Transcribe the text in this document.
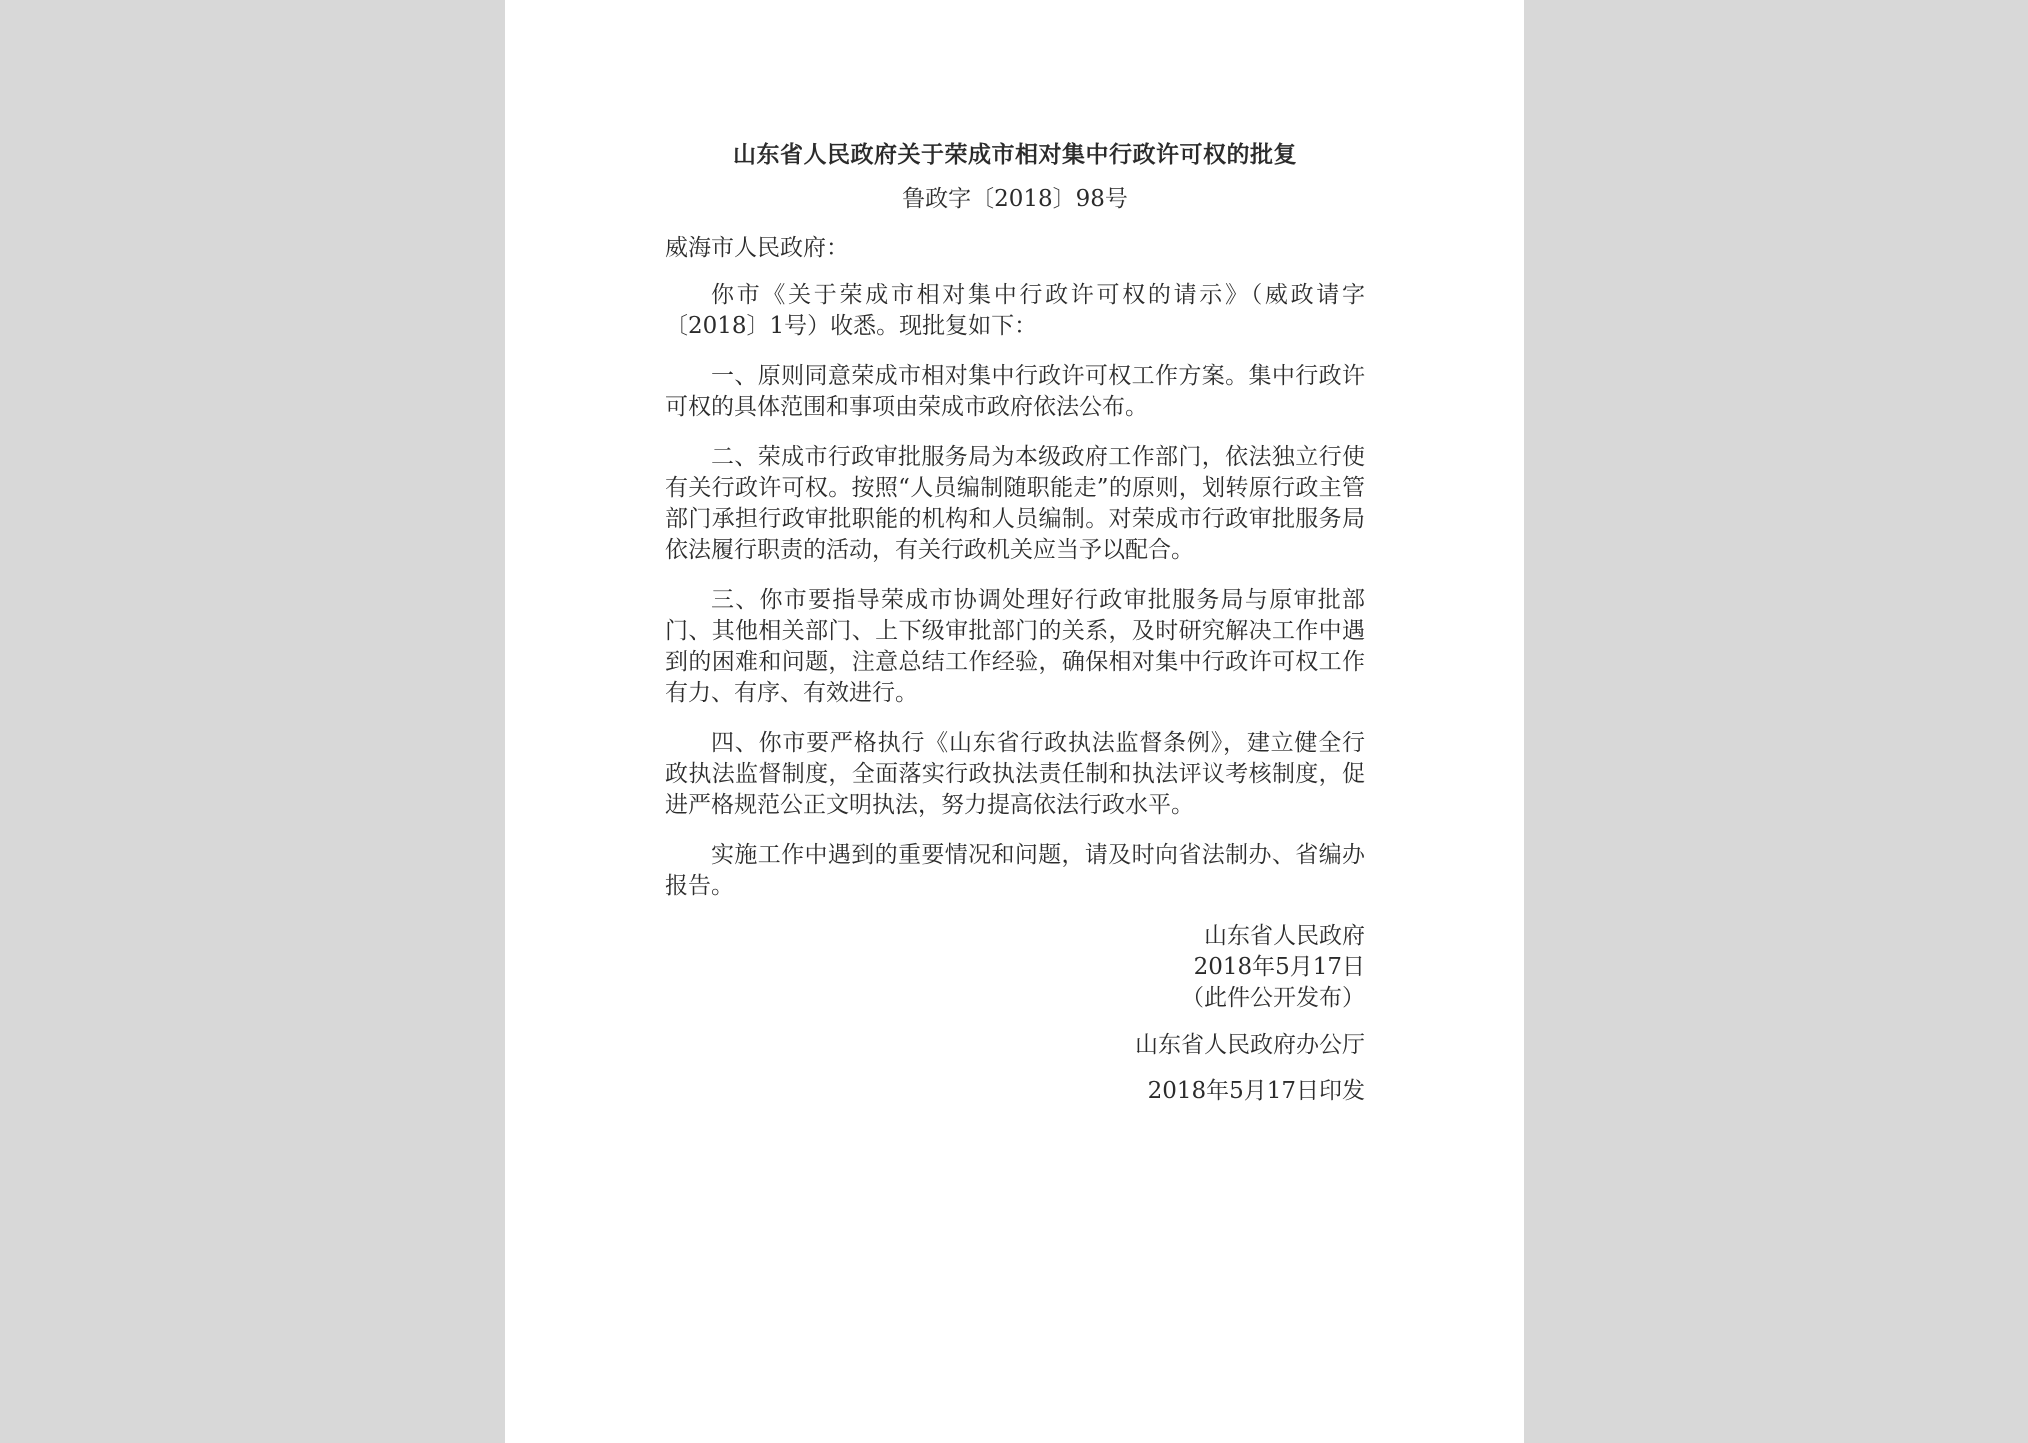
山东省人民政府关于荣成市相对集中行政许可权的批复
鲁政字〔2018〕98号
威海市人民政府：

你市《关于荣成市相对集中行政许可权的请示》（威政请字〔2018〕1号）收悉。现批复如下：

一、原则同意荣成市相对集中行政许可权工作方案。集中行政许可权的具体范围和事项由荣成市政府依法公布。

二、荣成市行政审批服务局为本级政府工作部门，依法独立行使有关行政许可权。按照“人员编制随职能走”的原则，划转原行政主管部门承担行政审批职能的机构和人员编制。对荣成市行政审批服务局依法履行职责的活动，有关行政机关应当予以配合。

三、你市要指导荣成市协调处理好行政审批服务局与原审批部门、其他相关部门、上下级审批部门的关系，及时研究解决工作中遇到的困难和问题，注意总结工作经验，确保相对集中行政许可权工作有力、有序、有效进行。

四、你市要严格执行《山东省行政执法监督条例》，建立健全行政执法监督制度，全面落实行政执法责任制和执法评议考核制度，促进严格规范公正文明执法，努力提高依法行政水平。

实施工作中遇到的重要情况和问题，请及时向省法制办、省编办报告。

山东省人民政府
2018年5月17日
（此件公开发布）
山东省人民政府办公厅
2018年5月17日印发
